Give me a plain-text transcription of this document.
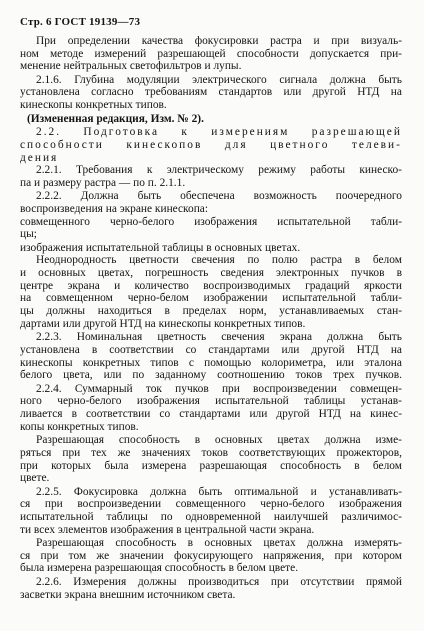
Стр. 6 ГОСТ 19139—73
При определении качества фокусировки растра и при визуаль-
ном методе измерений разрешающей способности допускается при-
менение нейтральных светофильтров и лупы.
2.1.6. Глубина модуляции электрического сигнала должна быть
установлена согласно требованиям стандартов или другой НТД на
кинескопы конкретных типов.
(Измененная редакция, Изм. № 2).
2.2. Подготовка к измерениям разрешающей
способности кинескопов для цветного телеви-
дения
2.2.1. Требования к электрическому режиму работы кинеско-
па и размеру растра — по п. 2.1.1.
2.2.2. Должна быть обеспечена возможность поочередного
воспроизведения на экране кинескопа:
совмещенного черно-белого изображения испытательной табли-
цы;
изображения испытательной таблицы в основных цветах.
Неоднородность цветности свечения по полю растра в белом
и основных цветах, погрешность сведения электронных пучков в
центре экрана и количество воспроизводимых градаций яркости
на совмещенном черно-белом изображении испытательной табли-
цы должны находиться в пределах норм, устанавливаемых стан-
дартами или другой НТД на кинескопы конкретных типов.
2.2.3. Номинальная цветность свечения экрана должна быть
установлена в соответствии со стандартами или другой НТД на
кинескопы конкретных типов с помощью колориметра, или эталона
белого цвета, или по заданному соотношению токов трех пучков.
2.2.4. Суммарный ток пучков при воспроизведении совмещен-
ного черно-белого изображения испытательной таблицы устанав-
ливается в соответствии со стандартами или другой НТД на кинес-
копы конкретных типов.
Разрешающая способность в основных цветах должна изме-
ряться при тех же значениях токов соответствующих прожекторов,
при которых была измерена разрешающая способность в белом
цвете.
2.2.5. Фокусировка должна быть оптимальной и устанавливать-
ся при воспроизведении совмещенного черно-белого изображения
испытательной таблицы по одновременной наилучшей различимос-
ти всех элементов изображения в центральной части экрана.
Разрешающая способность в основных цветах должна измерять-
ся при том же значении фокусирующего напряжения, при котором
была измерена разрешающая способность в белом цвете.
2.2.6. Измерения должны производиться при отсутствии прямой
засветки экрана внешним источником света.
